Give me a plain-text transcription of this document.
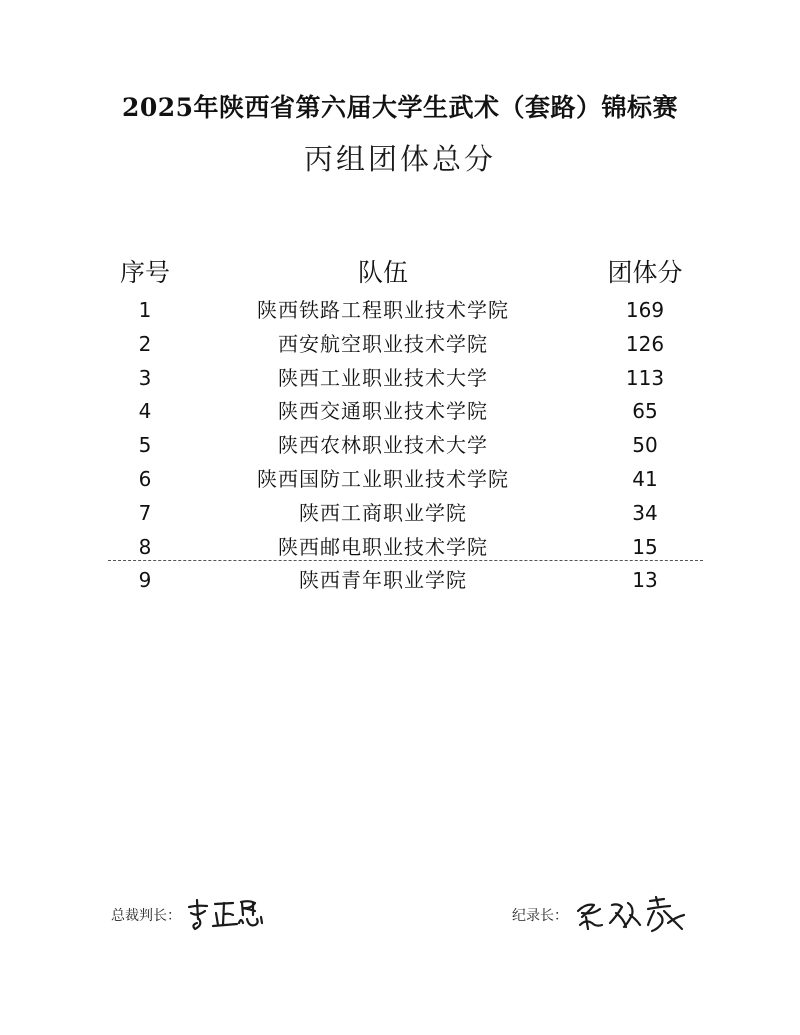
2025年陕西省第六届大学生武术（套路）锦标赛
丙组团体总分
序号	队伍	团体分
1	陕西铁路工程职业技术学院	169
2	西安航空职业技术学院	126
3	陕西工业职业技术大学	113
4	陕西交通职业技术学院	65
5	陕西农林职业技术大学	50
6	陕西国防工业职业技术学院	41
7	陕西工商职业学院	34
8	陕西邮电职业技术学院	15
9	陕西青年职业学院	13
总裁判长：	纪录长：
